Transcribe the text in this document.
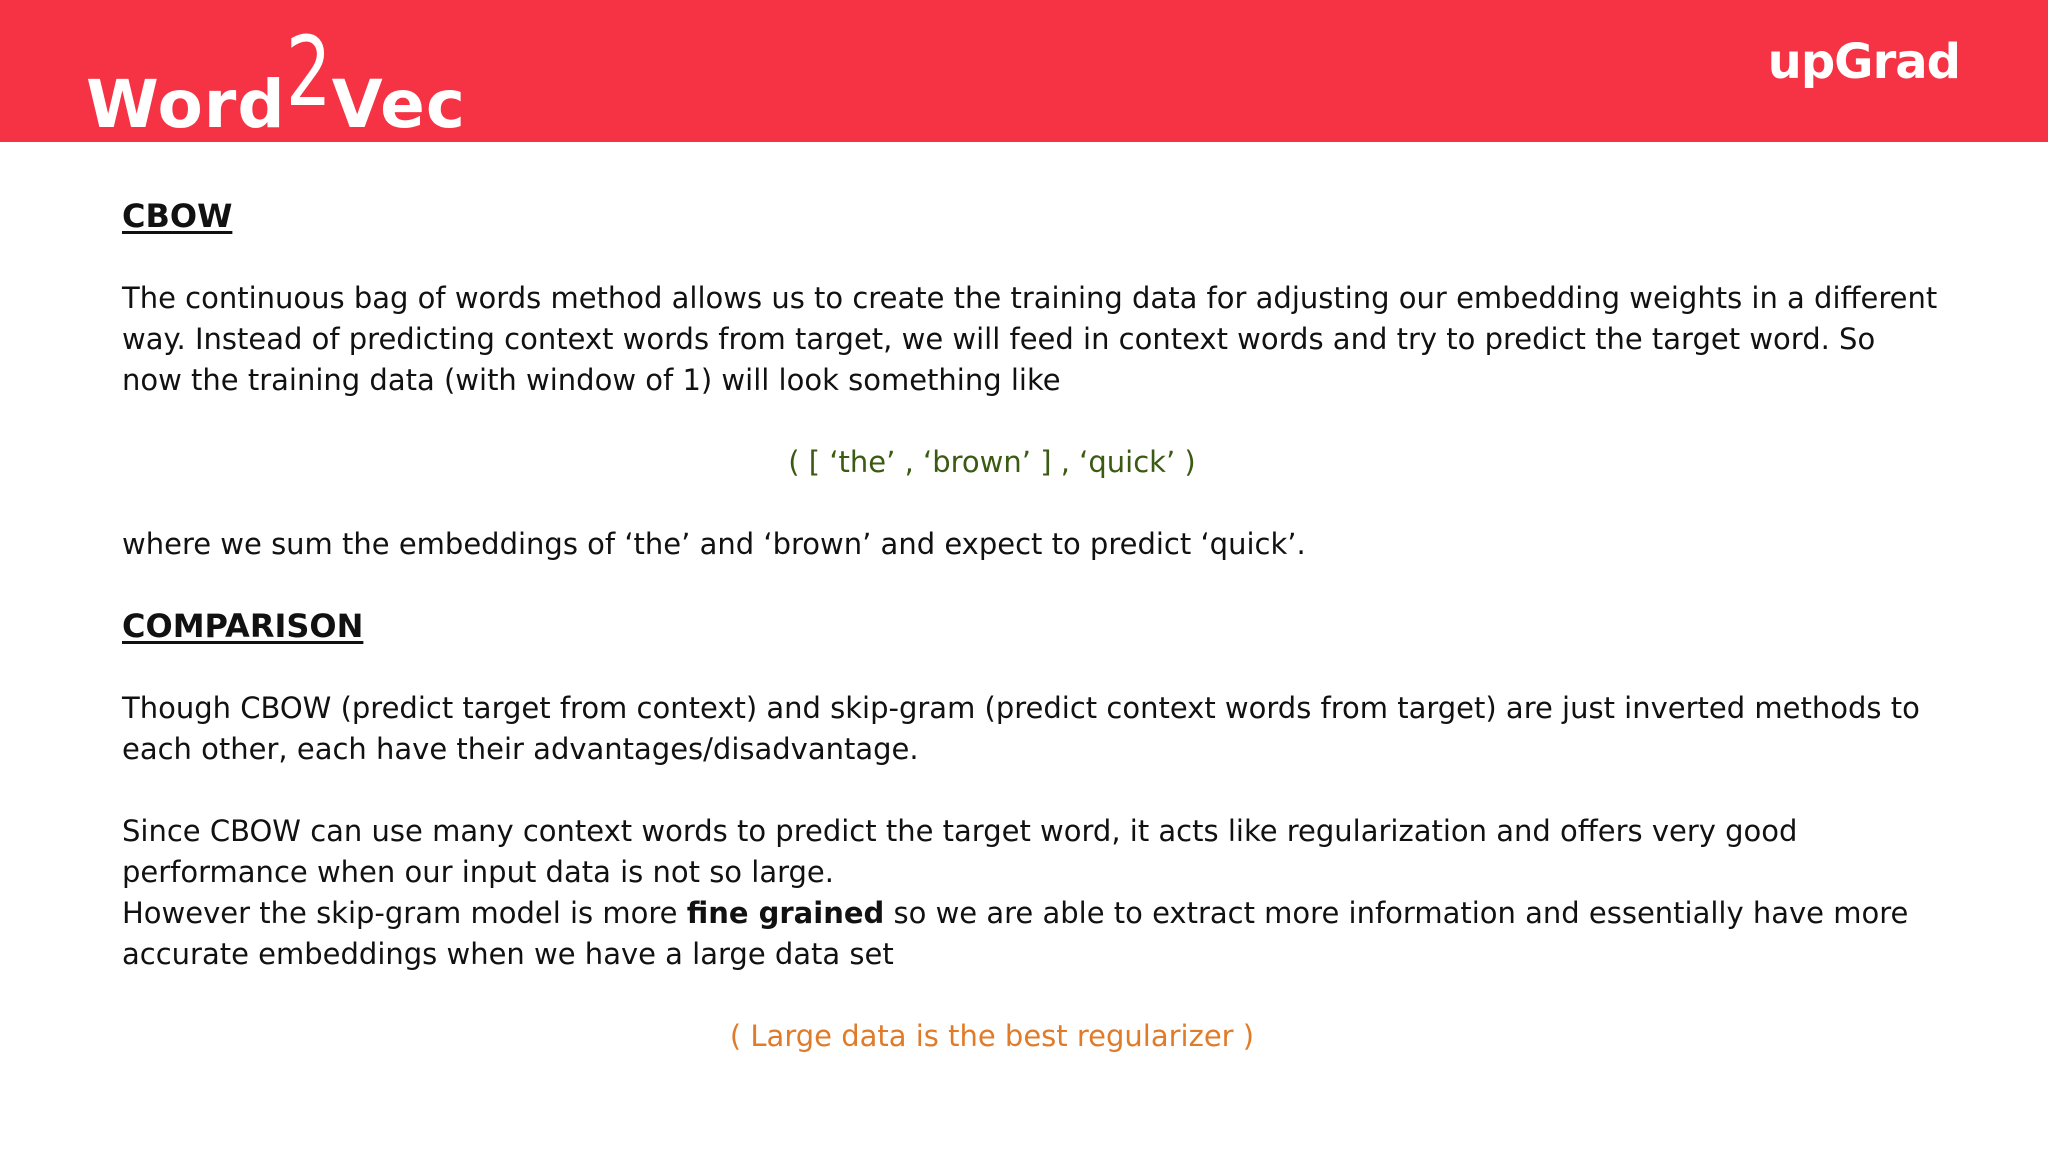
Word2Vec
upGrad
CBOW

The continuous bag of words method allows us to create the training data for adjusting our embedding weights in a different way. Instead of predicting context words from target, we will feed in context words and try to predict the target word. So now the training data (with window of 1) will look something like

( [ ‘the’ , ‘brown’ ] , ‘quick’ )

where we sum the embeddings of ‘the’ and ‘brown’ and expect to predict ‘quick’.

COMPARISON

Though CBOW (predict target from context) and skip-gram (predict context words from target) are just inverted methods to each other, each have their advantages/disadvantage.

Since CBOW can use many context words to predict the target word, it acts like regularization and offers very good performance when our input data is not so large.

However the skip-gram model is more fine grained so we are able to extract more information and essentially have more accurate embeddings when we have a large data set

( Large data is the best regularizer )
